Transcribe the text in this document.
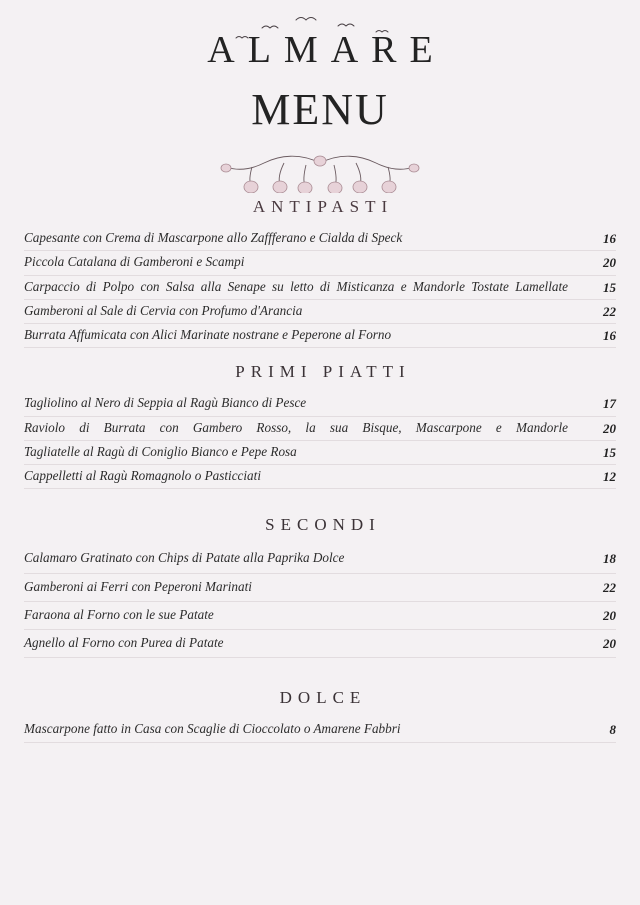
ALMARE
MENU
ANTIPASTI
Capesante con Crema di Mascarpone allo Zaffferano e Cialda di Speck	16
Piccola Catalana di Gamberoni e Scampi	20
Carpaccio di Polpo con Salsa alla Senape su letto di Misticanza e Mandorle Tostate Lamellate	15
Gamberoni al Sale di Cervia con Profumo d'Arancia	22
Burrata Affumicata con Alici Marinate nostrane e Peperone al Forno	16
PRIMI PIATTI
Tagliolino al Nero di Seppia al Ragù Bianco di Pesce	17
Raviolo di Burrata con Gambero Rosso, la sua Bisque, Mascarpone e Mandorle	20
Tagliatelle al Ragù di Coniglio Bianco e Pepe Rosa	15
Cappelletti al Ragù Romagnolo o Pasticciati	12
SECONDI
Calamaro Gratinato con Chips di Patate alla Paprika Dolce	18
Gamberoni ai Ferri con Peperoni Marinati	22
Faraona al Forno con le sue Patate	20
Agnello al Forno con Purea di Patate	20
DOLCE
Mascarpone fatto in Casa con Scaglie di Cioccolato o Amarene Fabbri	8
